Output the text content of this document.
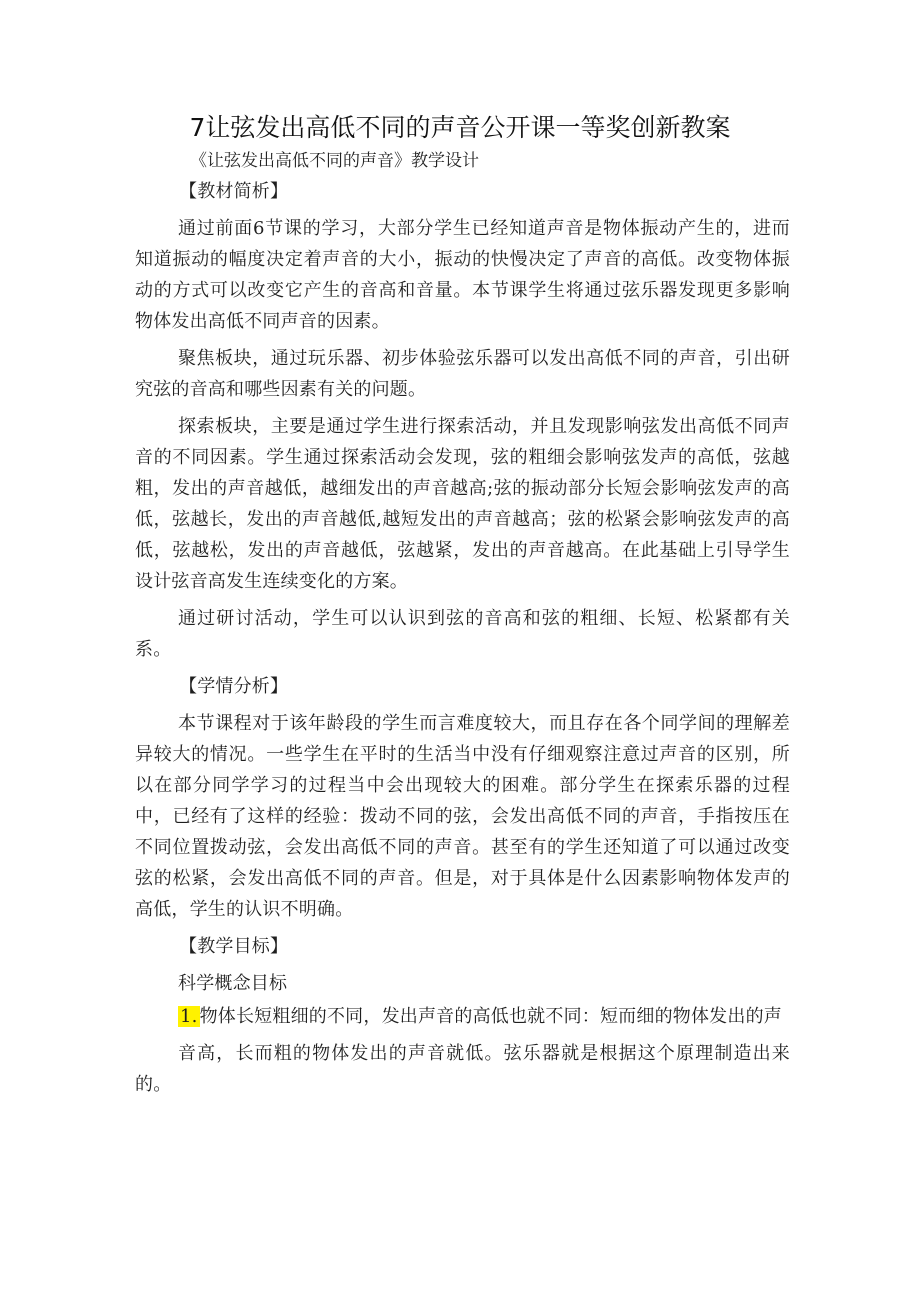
7让弦发出高低不同的声音公开课一等奖创新教案

《让弦发出高低不同的声音》教学设计

【教材简析】

通过前面6节课的学习，大部分学生已经知道声音是物体振动产生的，进而知道振动的幅度决定着声音的大小，振动的快慢决定了声音的高低。改变物体振动的方式可以改变它产生的音高和音量。本节课学生将通过弦乐器发现更多影响物体发出高低不同声音的因素。

聚焦板块，通过玩乐器、初步体验弦乐器可以发出高低不同的声音，引出研究弦的音高和哪些因素有关的问题。

探索板块，主要是通过学生进行探索活动，并且发现影响弦发出高低不同声音的不同因素。学生通过探索活动会发现，弦的粗细会影响弦发声的高低，弦越粗，发出的声音越低，越细发出的声音越高;弦的振动部分长短会影响弦发声的高低，弦越长，发出的声音越低,越短发出的声音越高；弦的松紧会影响弦发声的高低，弦越松，发出的声音越低，弦越紧，发出的声音越高。在此基础上引导学生设计弦音高发生连续变化的方案。

通过研讨活动，学生可以认识到弦的音高和弦的粗细、长短、松紧都有关系。

【学情分析】

本节课程对于该年龄段的学生而言难度较大，而且存在各个同学间的理解差异较大的情况。一些学生在平时的生活当中没有仔细观察注意过声音的区别，所以在部分同学学习的过程当中会出现较大的困难。部分学生在探索乐器的过程中，已经有了这样的经验：拨动不同的弦，会发出高低不同的声音，手指按压在不同位置拨动弦，会发出高低不同的声音。甚至有的学生还知道了可以通过改变弦的松紧，会发出高低不同的声音。但是，对于具体是什么因素影响物体发声的高低，学生的认识不明确。

【教学目标】

科学概念目标

1. 物体长短粗细的不同，发出声音的高低也就不同：短而细的物体发出的声

音高，长而粗的物体发出的声音就低。弦乐器就是根据这个原理制造出来的。
